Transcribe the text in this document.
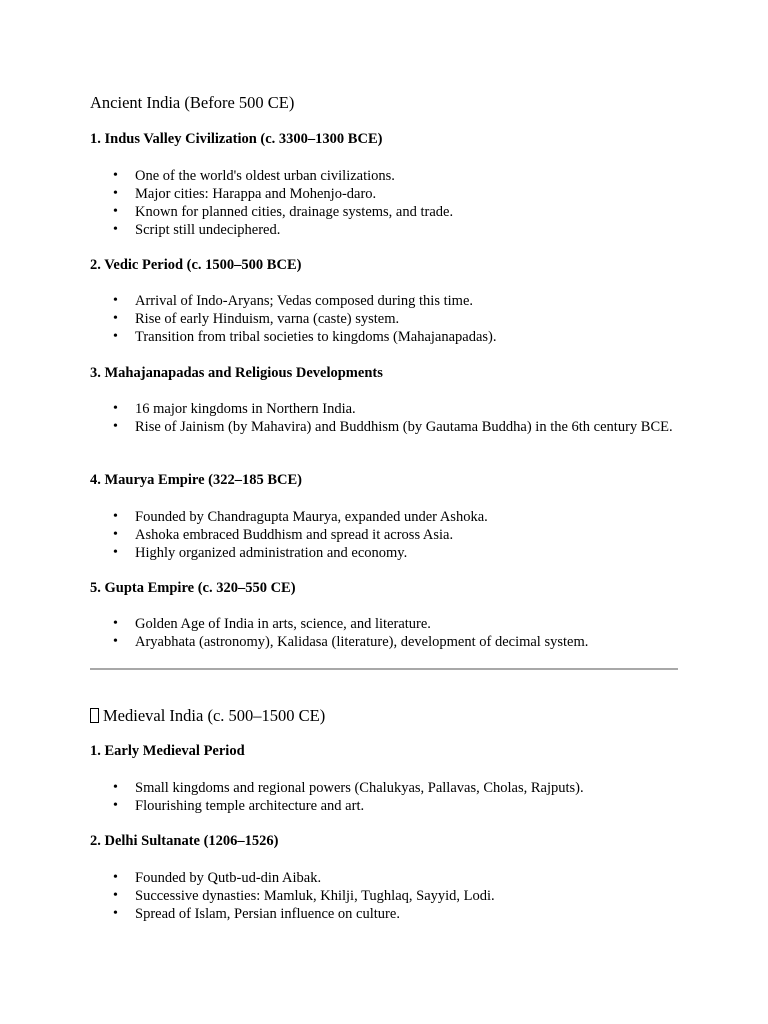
Ancient India (Before 500 CE)
1. Indus Valley Civilization (c. 3300–1300 BCE)
• One of the world's oldest urban civilizations.
• Major cities: Harappa and Mohenjo-daro.
• Known for planned cities, drainage systems, and trade.
• Script still undeciphered.
2. Vedic Period (c. 1500–500 BCE)
• Arrival of Indo-Aryans; Vedas composed during this time.
• Rise of early Hinduism, varna (caste) system.
• Transition from tribal societies to kingdoms (Mahajanapadas).
3. Mahajanapadas and Religious Developments
• 16 major kingdoms in Northern India.
• Rise of Jainism (by Mahavira) and Buddhism (by Gautama Buddha) in the 6th century BCE.
4. Maurya Empire (322–185 BCE)
• Founded by Chandragupta Maurya, expanded under Ashoka.
• Ashoka embraced Buddhism and spread it across Asia.
• Highly organized administration and economy.
5. Gupta Empire (c. 320–550 CE)
• Golden Age of India in arts, science, and literature.
• Aryabhata (astronomy), Kalidasa (literature), development of decimal system.
Medieval India (c. 500–1500 CE)
1. Early Medieval Period
• Small kingdoms and regional powers (Chalukyas, Pallavas, Cholas, Rajputs).
• Flourishing temple architecture and art.
2. Delhi Sultanate (1206–1526)
• Founded by Qutb-ud-din Aibak.
• Successive dynasties: Mamluk, Khilji, Tughlaq, Sayyid, Lodi.
• Spread of Islam, Persian influence on culture.
